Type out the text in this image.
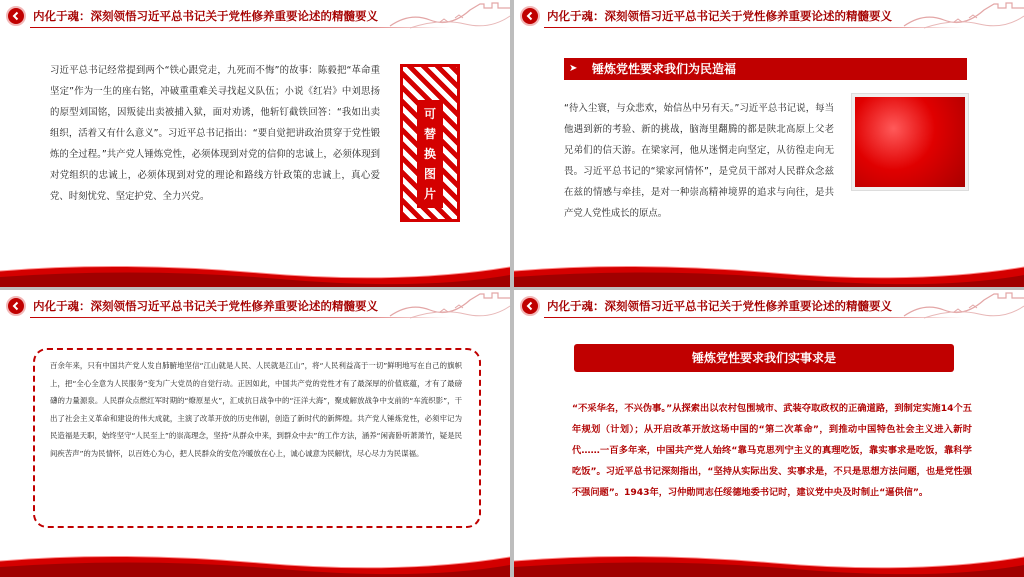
内化于魂：深刻领悟习近平总书记关于党性修养重要论述的精髓要义
习近平总书记经常提到两个“铁心跟党走，九死而不悔”的故事：陈毅把“革命重坚定”作为一生的座右铭，冲破重重难关寻找起义队伍；小说《红岩》中刘思扬的原型刘国铭，因叛徒出卖被捕入狱，面对劝诱，他斩钉截铁回答：“我如出卖组织，活着又有什么意义”。习近平总书记指出：“要自觉把讲政治贯穿于党性锻炼的全过程。”共产党人锤炼党性，必须体现到对党的信仰的忠诚上，必须体现到对党组织的忠诚上，必须体现到对党的理论和路线方针政策的忠诚上，真心爱党、时刻忧党、坚定护党、全力兴党。
可
替
换
图
片
内化于魂：深刻领悟习近平总书记关于党性修养重要论述的精髓要义
➤ 锤炼党性要求我们为民造福
“待入尘寰，与众悲欢，始信丛中另有天。”习近平总书记说，每当他遇到新的考验、新的挑战，脑海里翻腾的都是陕北高原上父老兄弟们的信天游。在梁家河，他从迷惘走向坚定，从彷徨走向无畏。习近平总书记的“梁家河情怀”，是党员干部对人民群众念兹在兹的情感与牵挂，是对一种崇高精神境界的追求与向往，是共产党人党性成长的原点。
内化于魂：深刻领悟习近平总书记关于党性修养重要论述的精髓要义
百余年来，只有中国共产党人发自肺腑地坚信“江山就是人民、人民就是江山”，将“人民利益高于一切”鲜明地写在自己的旗帜上，把“全心全意为人民服务”变为广大党员的自觉行动。正因如此，中国共产党的党性才有了最深厚的价值底蕴，才有了最磅礴的力量源泉。人民群众点燃红军时期的“燎原星火”，汇成抗日战争中的“汪洋大海”，聚成解放战争中支前的“车流织影”，干出了社会主义革命和建设的伟大成就，主演了改革开放的历史伟剧，创造了新时代的新辉煌。共产党人锤炼党性，必须牢记为民造福是天职，始终坚守“人民至上”的崇高理念，坚持“从群众中来，到群众中去”的工作方法，涵养“闲斋卧听萧萧竹，疑是民间疾苦声”的为民情怀，以百姓心为心，把人民群众的安危冷暖放在心上，诚心诚意为民解忧，尽心尽力为民谋福。
内化于魂：深刻领悟习近平总书记关于党性修养重要论述的精髓要义
锤炼党性要求我们实事求是
“不采华名，不兴伪事。”从探索出以农村包围城市、武装夺取政权的正确道路，到制定实施14个五年规划（计划）；从开启改革开放这场中国的“第二次革命”，到推动中国特色社会主义进入新时代……一百多年来，中国共产党人始终“靠马克思列宁主义的真理吃饭，靠实事求是吃饭，靠科学吃饭”。习近平总书记深刻指出，“坚持从实际出发、实事求是，不只是思想方法问题，也是党性强不强问题”。1943年，习仲勋同志任绥德地委书记时，建议党中央及时制止“逼供信”。
